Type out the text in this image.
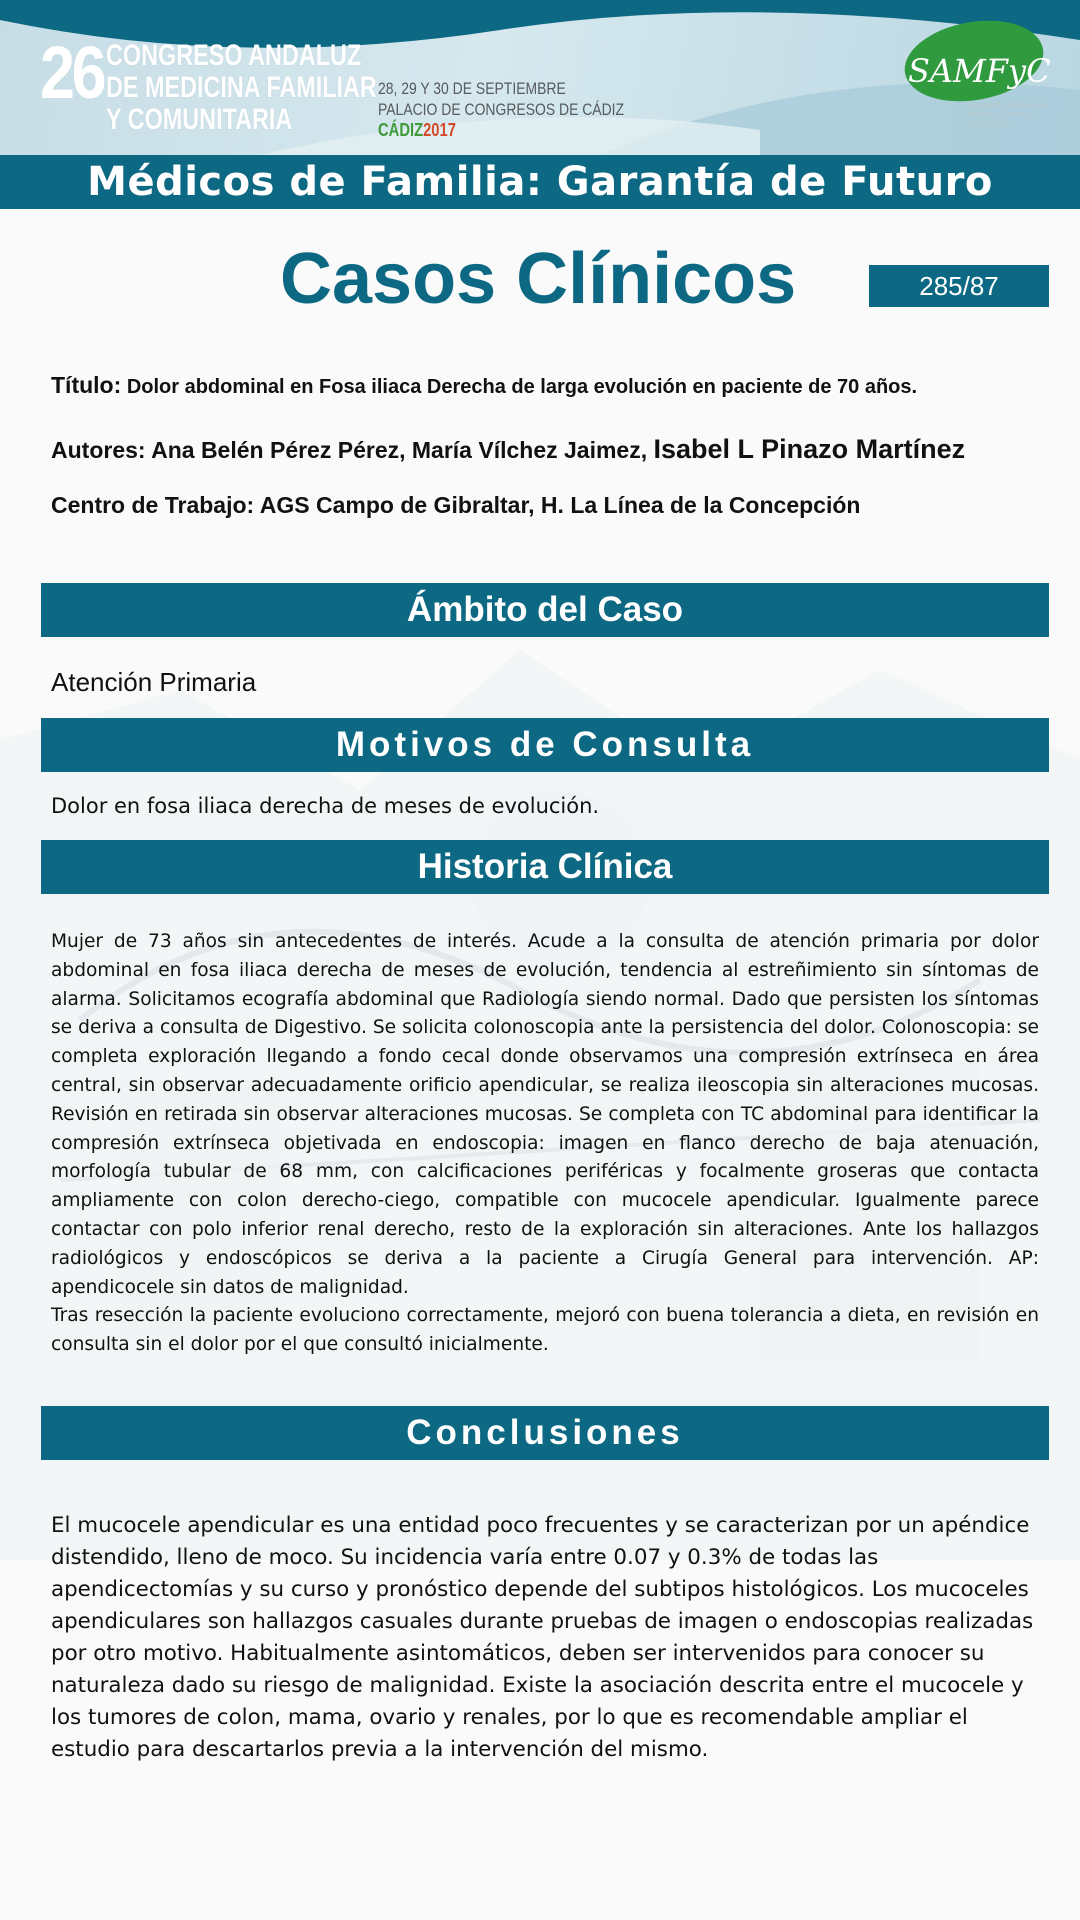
26 CONGRESO ANDALUZ
DE MEDICINA FAMILIAR
Y COMUNITARIA
28, 29 Y 30 DE SEPTIEMBRE
PALACIO DE CONGRESOS DE CÁDIZ
CÁDIZ2017
SAMFyC
Sociedad Andaluza de Medicina Familiar y Comunitaria
Médicos de Familia: Garantía de Futuro
Casos Clínicos	285/87
Título: Dolor abdominal en Fosa iliaca Derecha de larga evolución en paciente de 70 años.
Autores: Ana Belén Pérez Pérez, María Vílchez Jaimez, Isabel L Pinazo Martínez
Centro de Trabajo: AGS Campo de Gibraltar, H. La Línea de la Concepción
Ámbito del Caso
Atención Primaria
Motivos de Consulta
Dolor en fosa iliaca derecha de meses de evolución.
Historia Clínica

Mujer de 73 años sin antecedentes de interés. Acude a la consulta de atención primaria por dolor abdominal en fosa iliaca derecha de meses de evolución, tendencia al estreñimiento sin síntomas de alarma. Solicitamos ecografía abdominal que Radiología siendo normal. Dado que persisten los síntomas se deriva a consulta de Digestivo. Se solicita colonoscopia ante la persistencia del dolor. Colonoscopia: se completa exploración llegando a fondo cecal donde observamos una compresión extrínseca en área central, sin observar adecuadamente orificio apendicular, se realiza ileoscopia sin alteraciones mucosas. Revisión en retirada sin observar alteraciones mucosas. Se completa con TC abdominal para identificar la compresión extrínseca objetivada en endoscopia: imagen en flanco derecho de baja atenuación, morfología tubular de 68 mm, con calcificaciones periféricas y focalmente groseras que contacta ampliamente con colon derecho-ciego, compatible con mucocele apendicular. Igualmente parece contactar con polo inferior renal derecho, resto de la exploración sin alteraciones. Ante los hallazgos radiológicos y endoscópicos se deriva a la paciente a Cirugía General para intervención. AP: apendicocele sin datos de malignidad.

Tras resección la paciente evoluciono correctamente, mejoró con buena tolerancia a dieta, en revisión en consulta sin el dolor por el que consultó inicialmente.

Conclusiones
El mucocele apendicular es una entidad poco frecuentes y se caracterizan por un apéndice distendido, lleno de moco. Su incidencia varía entre 0.07 y 0.3% de todas las apendicectomías y su curso y pronóstico depende del subtipos histológicos. Los mucoceles apendiculares son hallazgos casuales durante pruebas de imagen o endoscopias realizadas por otro motivo. Habitualmente asintomáticos, deben ser intervenidos para conocer su naturaleza dado su riesgo de malignidad. Existe la asociación descrita entre el mucocele y los tumores de colon, mama, ovario y renales, por lo que es recomendable ampliar el estudio para descartarlos previa a la intervención del mismo.
